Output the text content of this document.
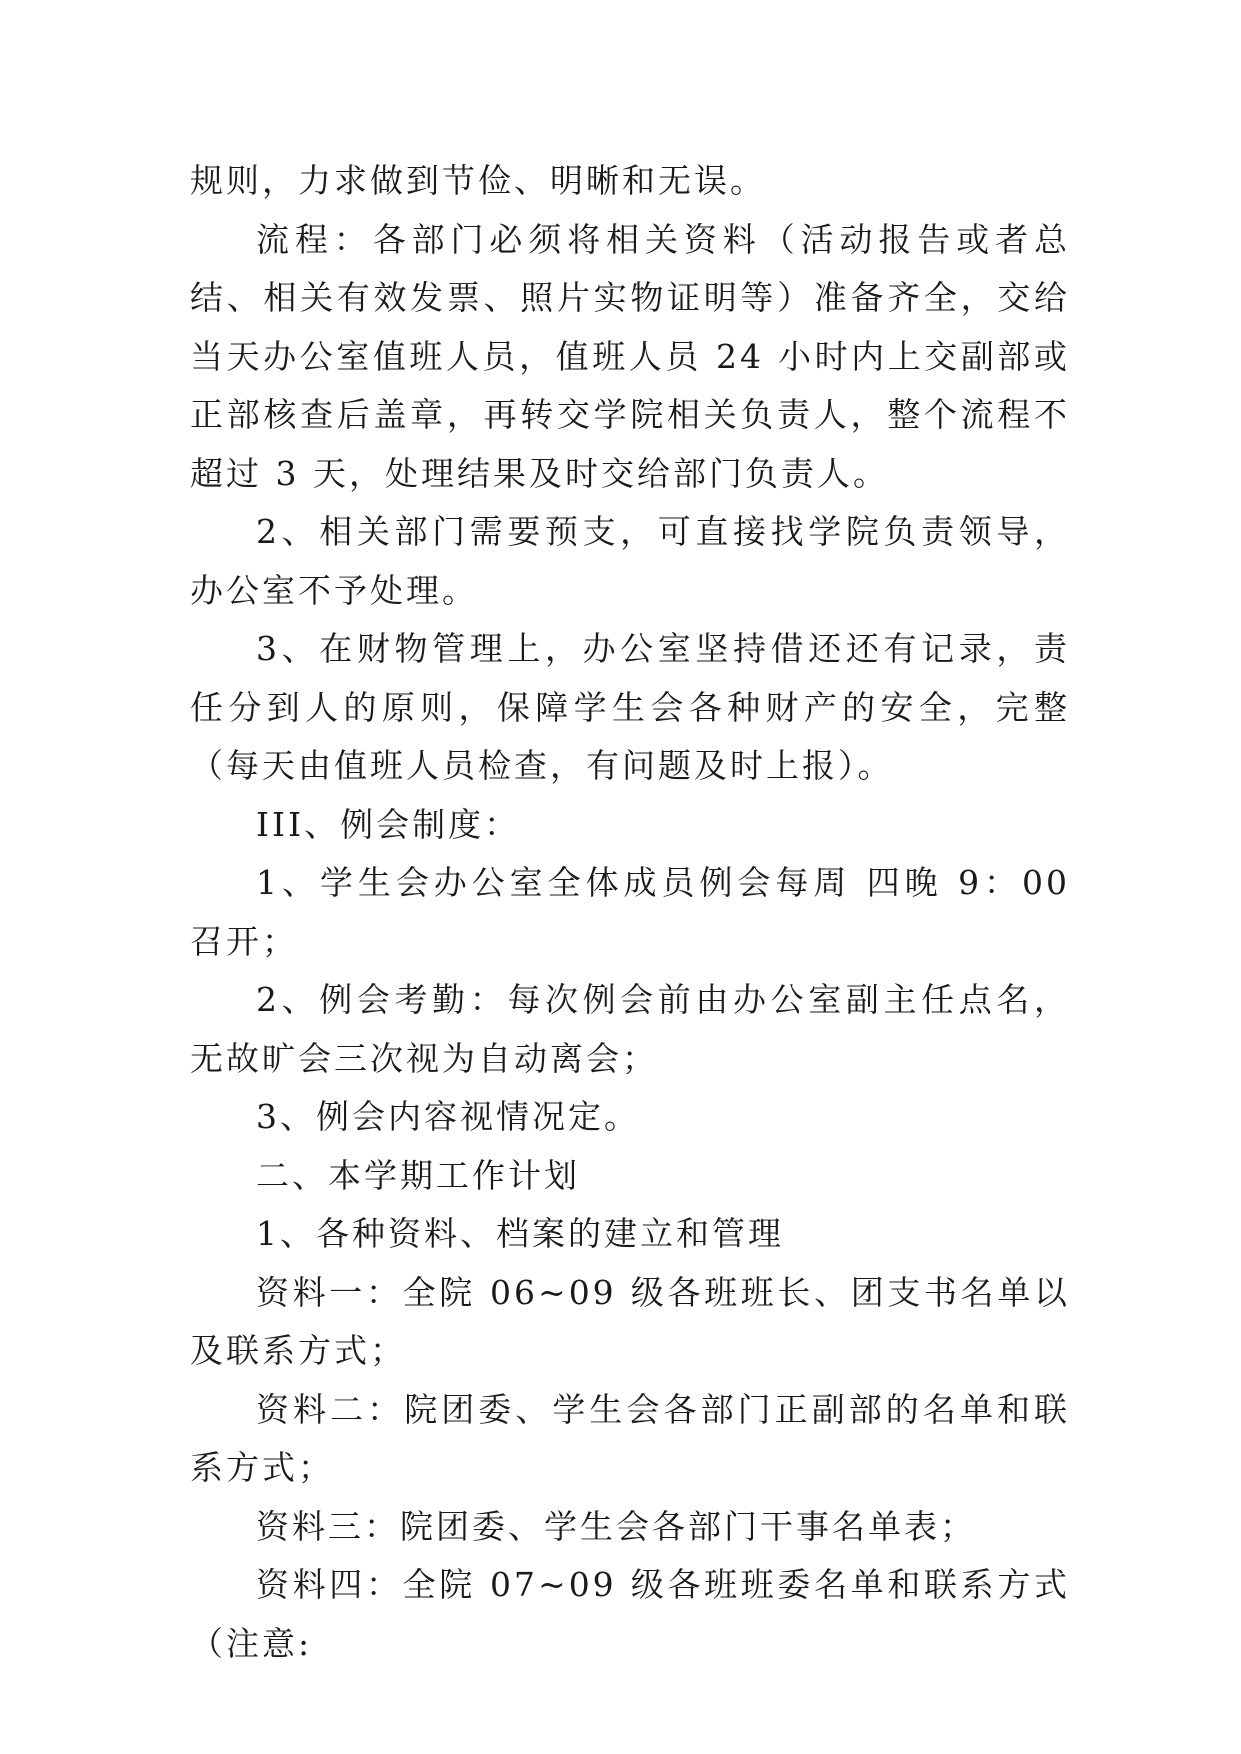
规则，力求做到节俭、明晰和无误。

流程：各部门必须将相关资料（活动报告或者总结、相关有效发票、照片实物证明等）准备齐全，交给当天办公室值班人员，值班人员 24 小时内上交副部或正部核查后盖章，再转交学院相关负责人，整个流程不超过 3 天，处理结果及时交给部门负责人。

2、相关部门需要预支，可直接找学院负责领导，办公室不予处理。

3、在财物管理上，办公室坚持借还还有记录，责任分到人的原则，保障学生会各种财产的安全，完整（每天由值班人员检查，有问题及时上报）。

III、例会制度：

1、学生会办公室全体成员例会每周 四晚 9：00 召开；

2、例会考勤：每次例会前由办公室副主任点名，无故旷会三次视为自动离会；

3、例会内容视情况定。

二、本学期工作计划

1、各种资料、档案的建立和管理

资料一：全院 06~09 级各班班长、团支书名单以及联系方式；

资料二：院团委、学生会各部门正副部的名单和联系方式；

资料三：院团委、学生会各部门干事名单表；

资料四：全院 07~09 级各班班委名单和联系方式（注意:
